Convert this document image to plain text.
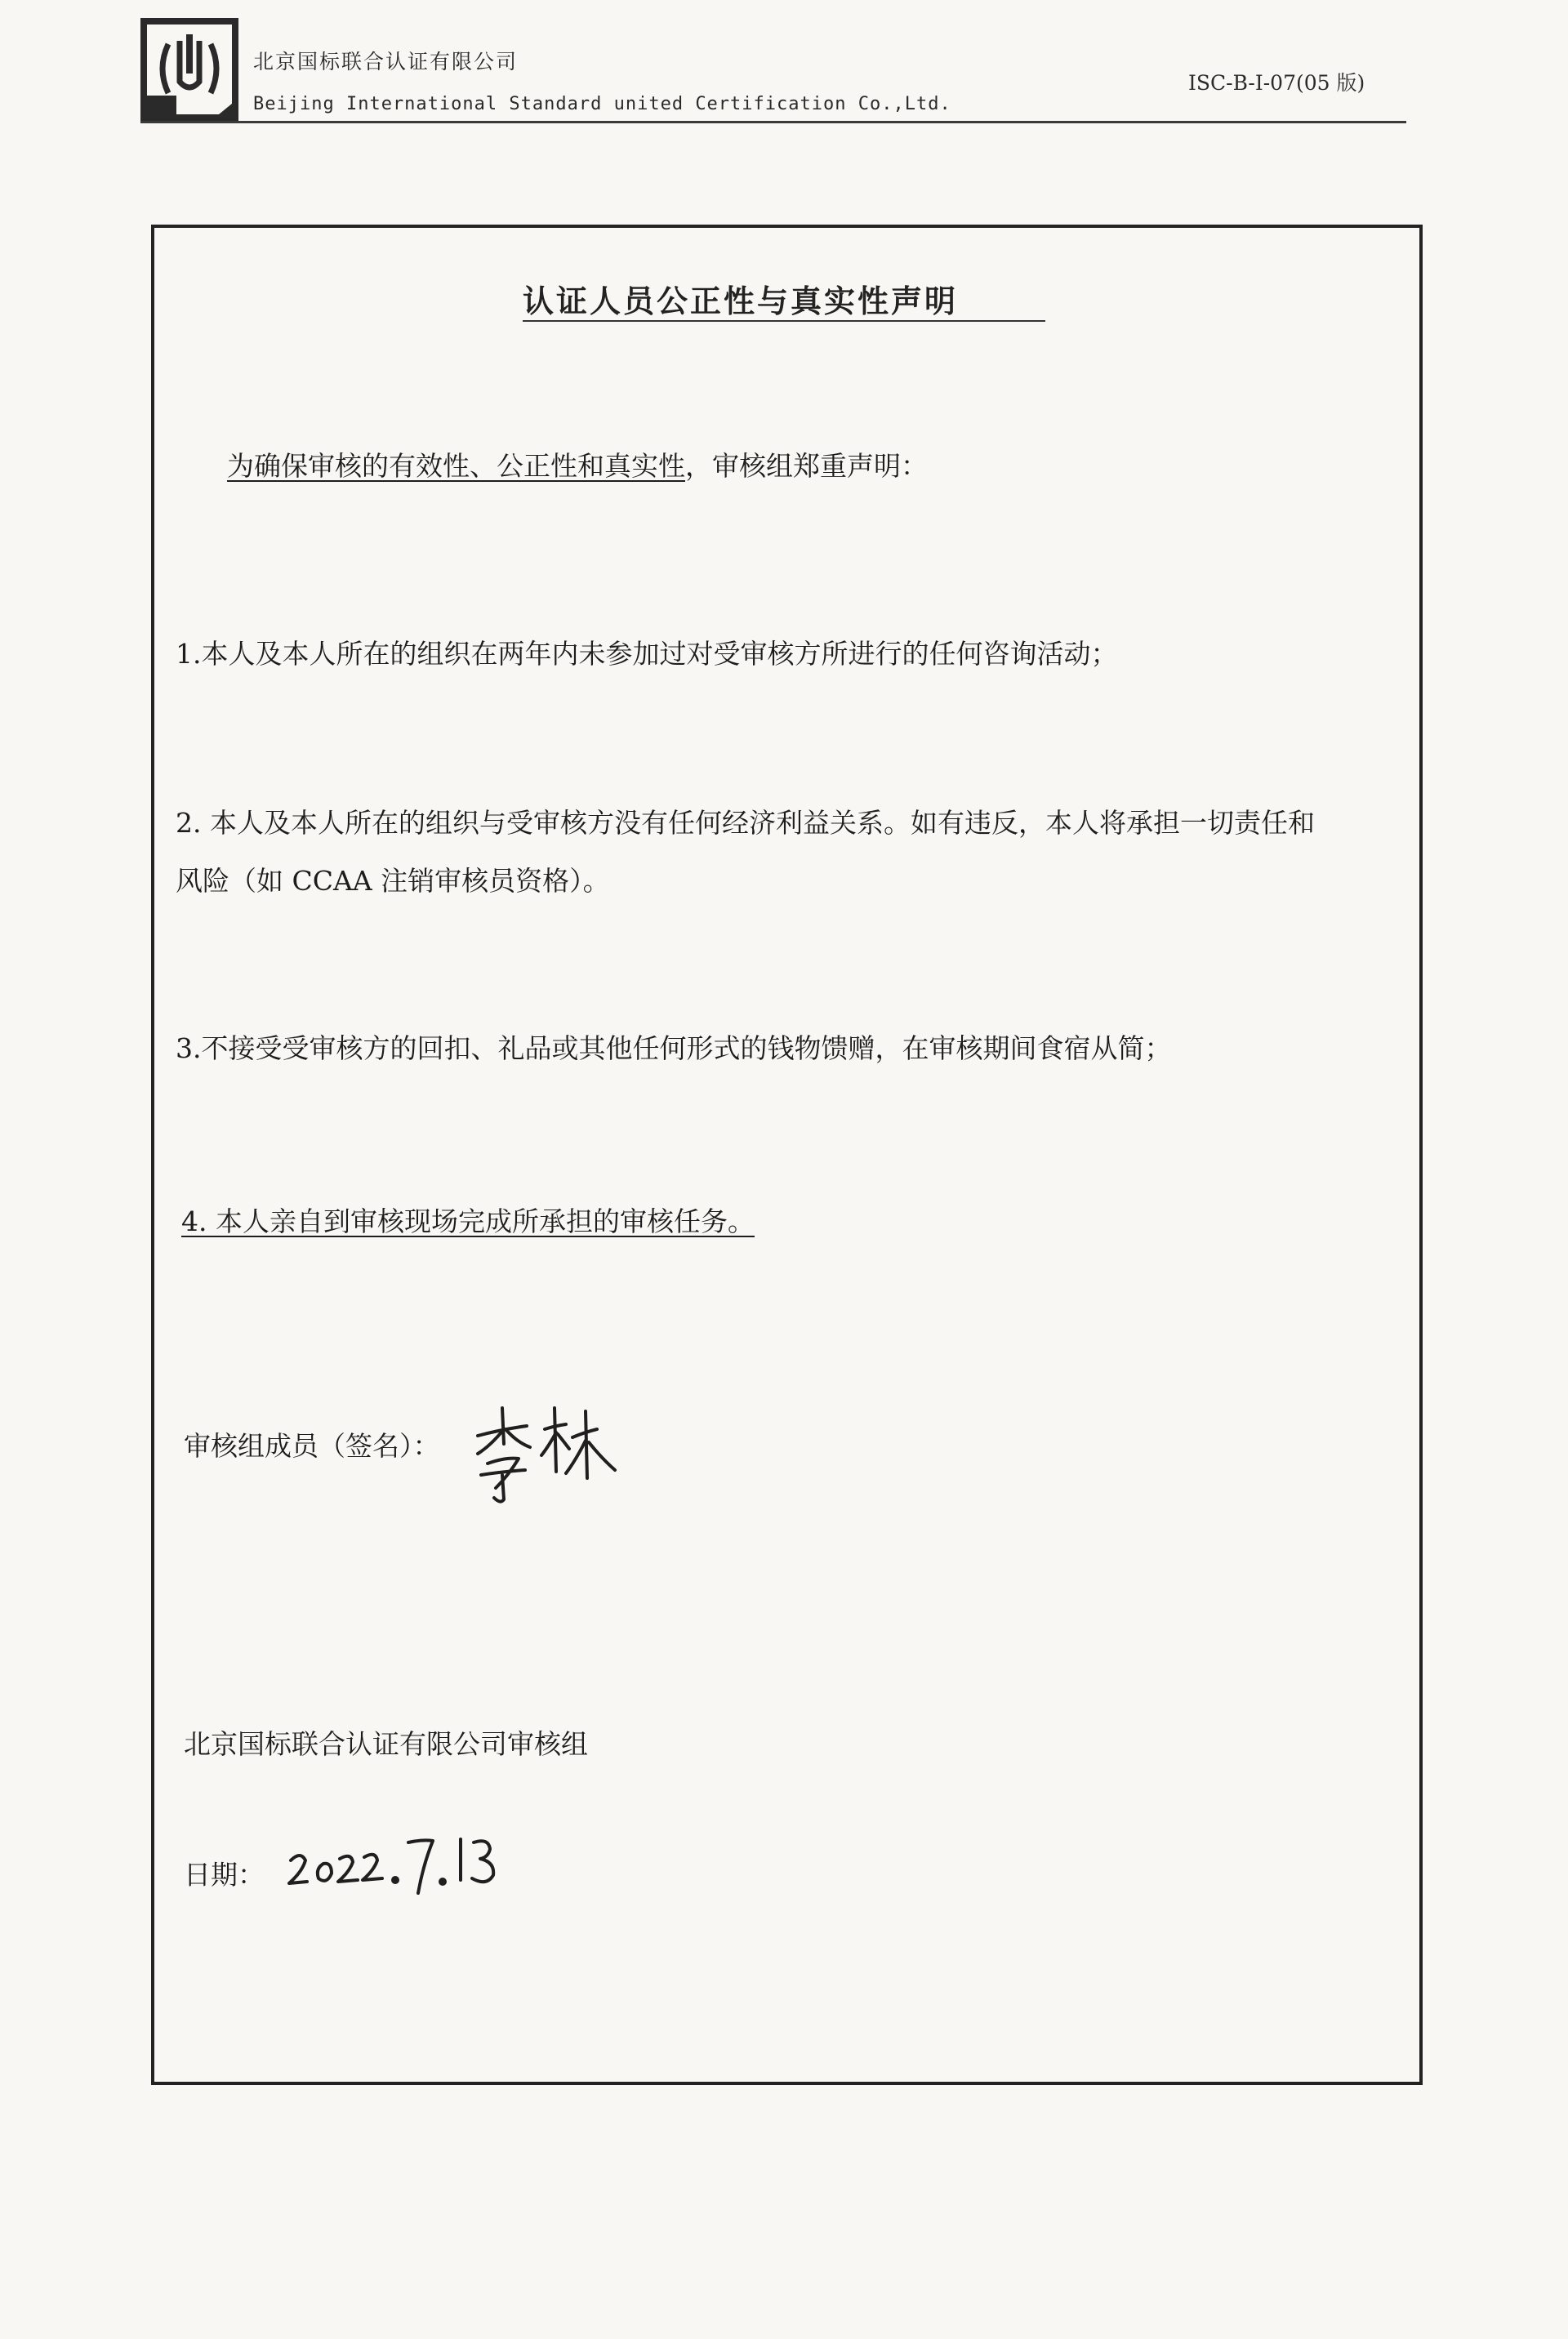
北京国标联合认证有限公司
Beijing International Standard united Certification Co.,Ltd.
ISC-B-I-07(05 版)
认证人员公正性与真实性声明
为确保审核的有效性、公正性和真实性，审核组郑重声明：
1.本人及本人所在的组织在两年内未参加过对受审核方所进行的任何咨询活动；
2. 本人及本人所在的组织与受审核方没有任何经济利益关系。如有违反，本人将承担一切责任和
风险（如 CCAA 注销审核员资格）。
3.不接受受审核方的回扣、礼品或其他任何形式的钱物馈赠，在审核期间食宿从简；
4. 本人亲自到审核现场完成所承担的审核任务。
审核组成员（签名）：
北京国标联合认证有限公司审核组
日期：
